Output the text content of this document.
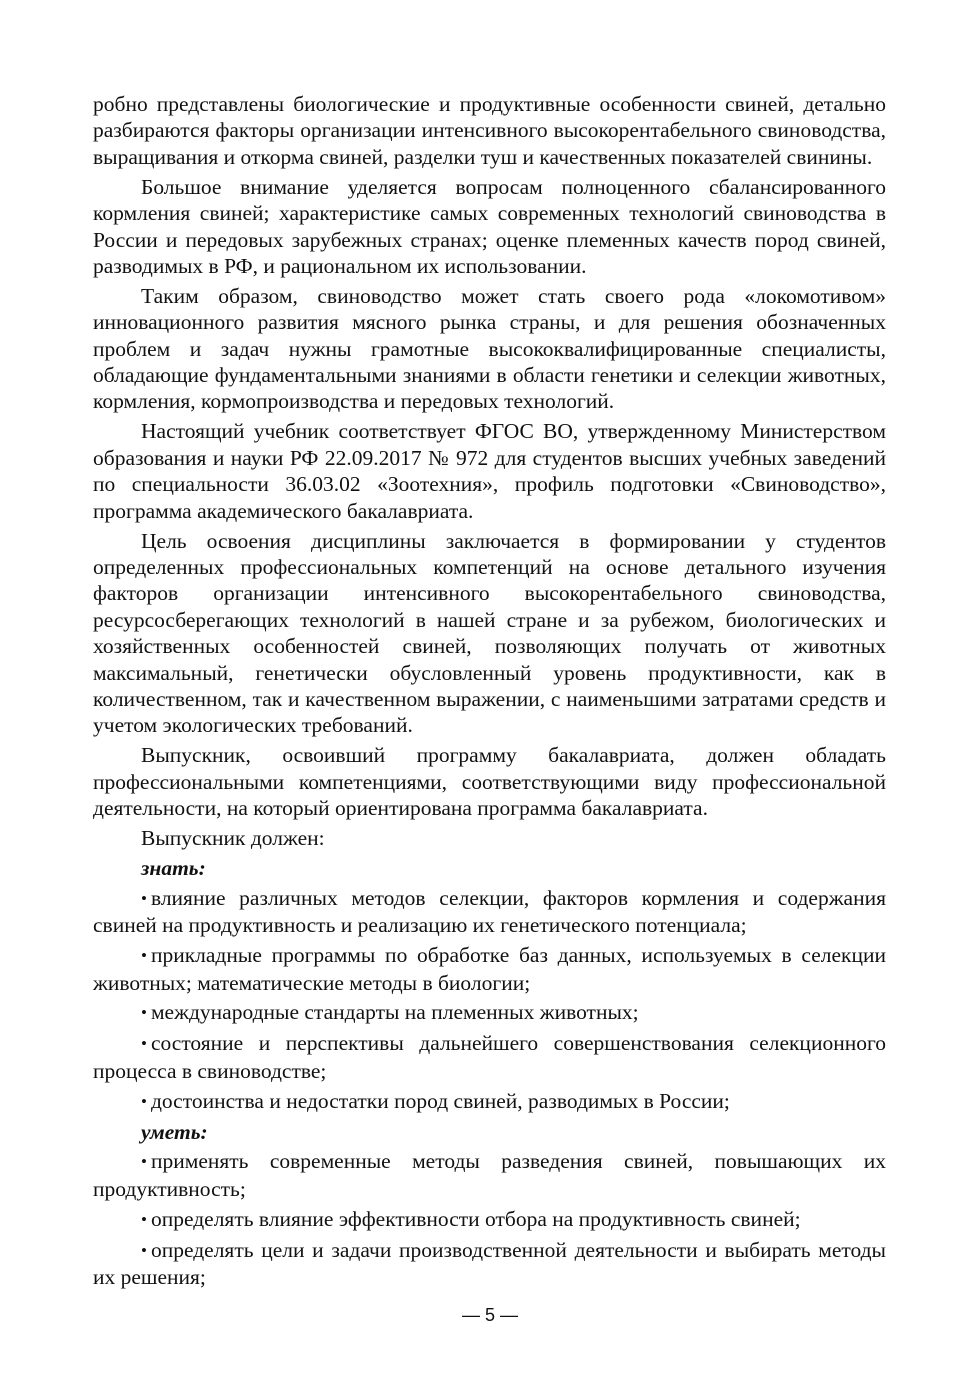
робно представлены биологические и продуктивные особенности свиней, детально разбираются факторы организации интенсивного высокорентабельного свиноводства, выращивания и откорма свиней, разделки туш и качественных показателей свинины.

Большое внимание уделяется вопросам полноценного сбалансированного кормления свиней; характеристике самых современных технологий свиноводства в России и передовых зарубежных странах; оценке племенных качеств пород свиней, разводимых в РФ, и рациональном их использовании.

Таким образом, свиноводство может стать своего рода «локомотивом» инновационного развития мясного рынка страны, и для решения обозначенных проблем и задач нужны грамотные высококвалифицированные специалисты, обладающие фундаментальными знаниями в области генетики и селекции животных, кормления, кормопроизводства и передовых технологий.

Настоящий учебник соответствует ФГОС ВО, утвержденному Министерством образования и науки РФ 22.09.2017 № 972 для студентов высших учебных заведений по специальности 36.03.02 «Зоотехния», профиль подготовки «Свиноводство», программа академического бакалавриата.

Цель освоения дисциплины заключается в формировании у студентов определенных профессиональных компетенций на основе детального изучения факторов организации интенсивного высокорентабельного свиноводства, ресурсосберегающих технологий в нашей стране и за рубежом, биологических и хозяйственных особенностей свиней, позволяющих получать от животных максимальный, генетически обусловленный уровень продуктивности, как в количественном, так и качественном выражении, с наименьшими затратами средств и учетом экологических требований.

Выпускник, освоивший программу бакалавриата, должен обладать профессиональными компетенциями, соответствующими виду профессиональной деятельности, на который ориентирована программа бакалавриата.

Выпускник должен:

знать:

• влияние различных методов селекции, факторов кормления и содержания свиней на продуктивность и реализацию их генетического потенциала;

• прикладные программы по обработке баз данных, используемых в селекции животных; математические методы в биологии;

• международные стандарты на племенных животных;

• состояние и перспективы дальнейшего совершенствования селекционного процесса в свиноводстве;

• достоинства и недостатки пород свиней, разводимых в России;

уметь:

• применять современные методы разведения свиней, повышающих их продуктивность;

• определять влияние эффективности отбора на продуктивность свиней;

• определять цели и задачи производственной деятельности и выбирать методы их решения;

— 5 —
